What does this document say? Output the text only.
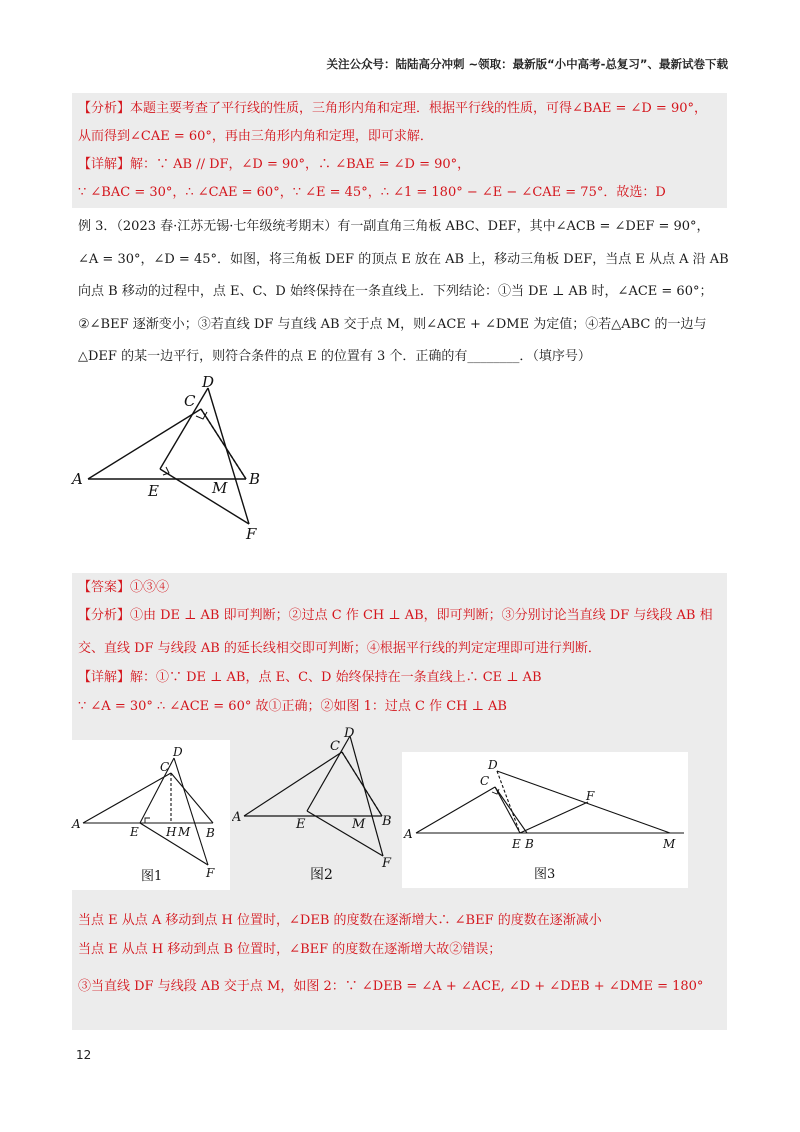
关注公众号：陆陆高分冲刺 ~领取：最新版“小中高考-总复习”、最新试卷下载
【分析】本题主要考查了平行线的性质，三角形内角和定理．根据平行线的性质，可得∠BAE = ∠D = 90°，
从而得到∠CAE = 60°，再由三角形内角和定理，即可求解．
【详解】解：∵ AB // DF，∠D = 90°，∴ ∠BAE = ∠D = 90°，
∵ ∠BAC = 30°，∴ ∠CAE = 60°，∵ ∠E = 45°，∴ ∠1 = 180° − ∠E − ∠CAE = 75°．故选：D
例 3．（2023 春·江苏无锡·七年级统考期末）有一副直角三角板 ABC、DEF，其中∠ACB = ∠DEF = 90°，
∠A = 30°，∠D = 45°．如图，将三角板 DEF 的顶点 E 放在 AB 上，移动三角板 DEF，当点 E 从点 A 沿 AB
向点 B 移动的过程中，点 E、C、D 始终保持在一条直线上．下列结论：①当 DE ⊥ AB 时，∠ACE = 60°；
②∠BEF 逐渐变小；③若直线 DF 与直线 AB 交于点 M，则∠ACE + ∠DME 为定值；④若△ABC 的一边与
△DEF 的某一边平行，则符合条件的点 E 的位置有 3 个．正确的有________．（填序号）
A	B
C
D
E	M
F
【答案】①③④
【分析】①由 DE ⊥ AB 即可判断；②过点 C 作 CH ⊥ AB，即可判断；③分别讨论当直线 DF 与线段 AB 相
交、直线 DF 与线段 AB 的延长线相交即可判断；④根据平行线的判定定理即可进行判断．
【详解】解：①∵ DE ⊥ AB，点 E、C、D 始终保持在一条直线上∴ CE ⊥ AB
∵ ∠A = 30° ∴ ∠ACE = 60° 故①正确；②如图 1：过点 C 作 CH ⊥ AB
A
B
C
D
E H M
F
图1
A	B
C
D
E	M
F
图2
A
C
D
E B
F
M
图3
当点 E 从点 A 移动到点 H 位置时，∠DEB 的度数在逐渐增大∴ ∠BEF 的度数在逐渐减小
当点 E 从点 H 移动到点 B 位置时，∠BEF 的度数在逐渐增大故②错误；
③当直线 DF 与线段 AB 交于点 M，如图 2：∵ ∠DEB = ∠A + ∠ACE, ∠D + ∠DEB + ∠DME = 180°
12
